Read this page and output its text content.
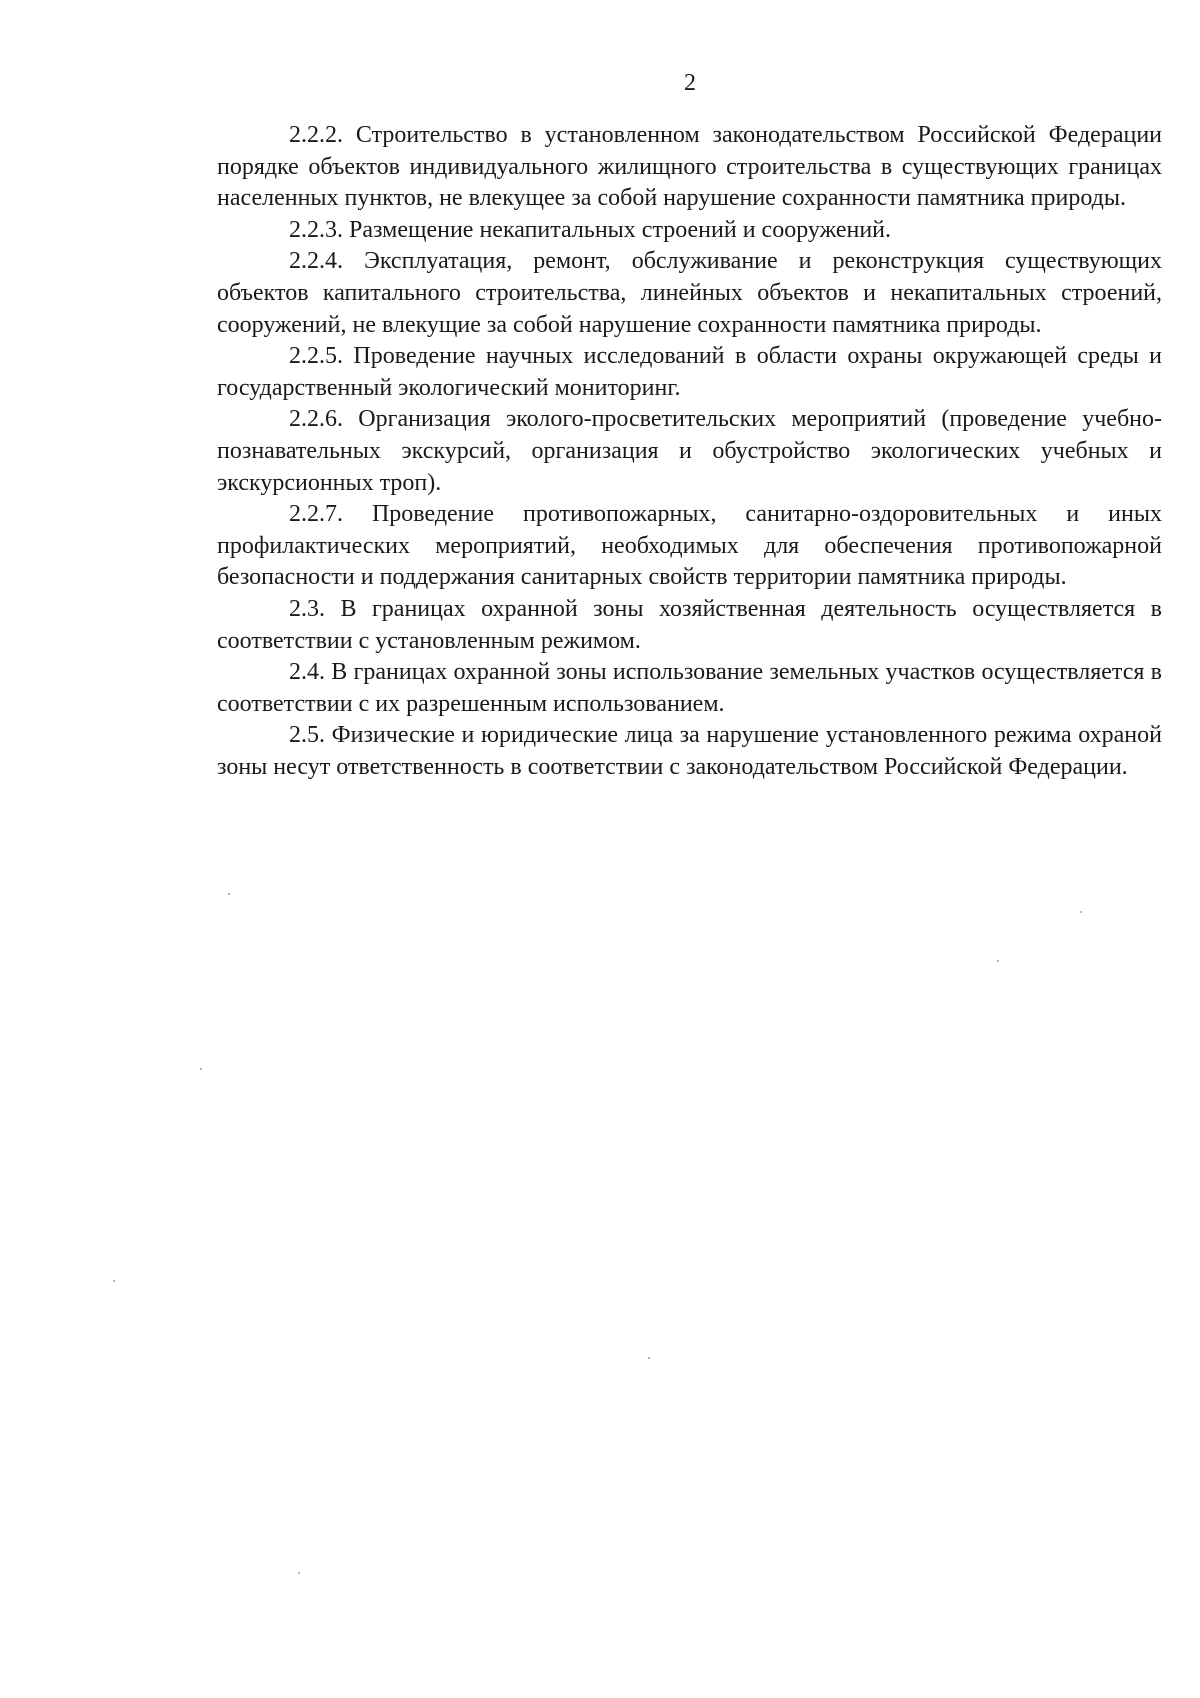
2

2.2.2. Строительство в установленном законодательством Российской Федерации порядке объектов индивидуального жилищного строительства в существующих границах населенных пунктов, не влекущее за собой нарушение сохранности памятника природы.

2.2.3. Размещение некапитальных строений и сооружений.

2.2.4. Эксплуатация, ремонт, обслуживание и реконструкция существующих объектов капитального строительства, линейных объектов и некапитальных строений, сооружений, не влекущие за собой нарушение сохранности памятника природы.

2.2.5. Проведение научных исследований в области охраны окружающей среды и государственный экологический мониторинг.

2.2.6. Организация эколого-просветительских мероприятий (проведение учебно-познавательных экскурсий, организация и обустройство экологических учебных и экскурсионных троп).

2.2.7. Проведение противопожарных, санитарно-оздоровительных и иных профилактических мероприятий, необходимых для обеспечения противопожарной безопасности и поддержания санитарных свойств территории памятника природы.

2.3. В границах охранной зоны хозяйственная деятельность осуществляется в соответствии с установленным режимом.

2.4. В границах охранной зоны использование земельных участков осуществляется в соответствии с их разрешенным использованием.

2.5. Физические и юридические лица за нарушение установленного режима охраной зоны несут ответственность в соответствии с законодательством Российской Федерации.
